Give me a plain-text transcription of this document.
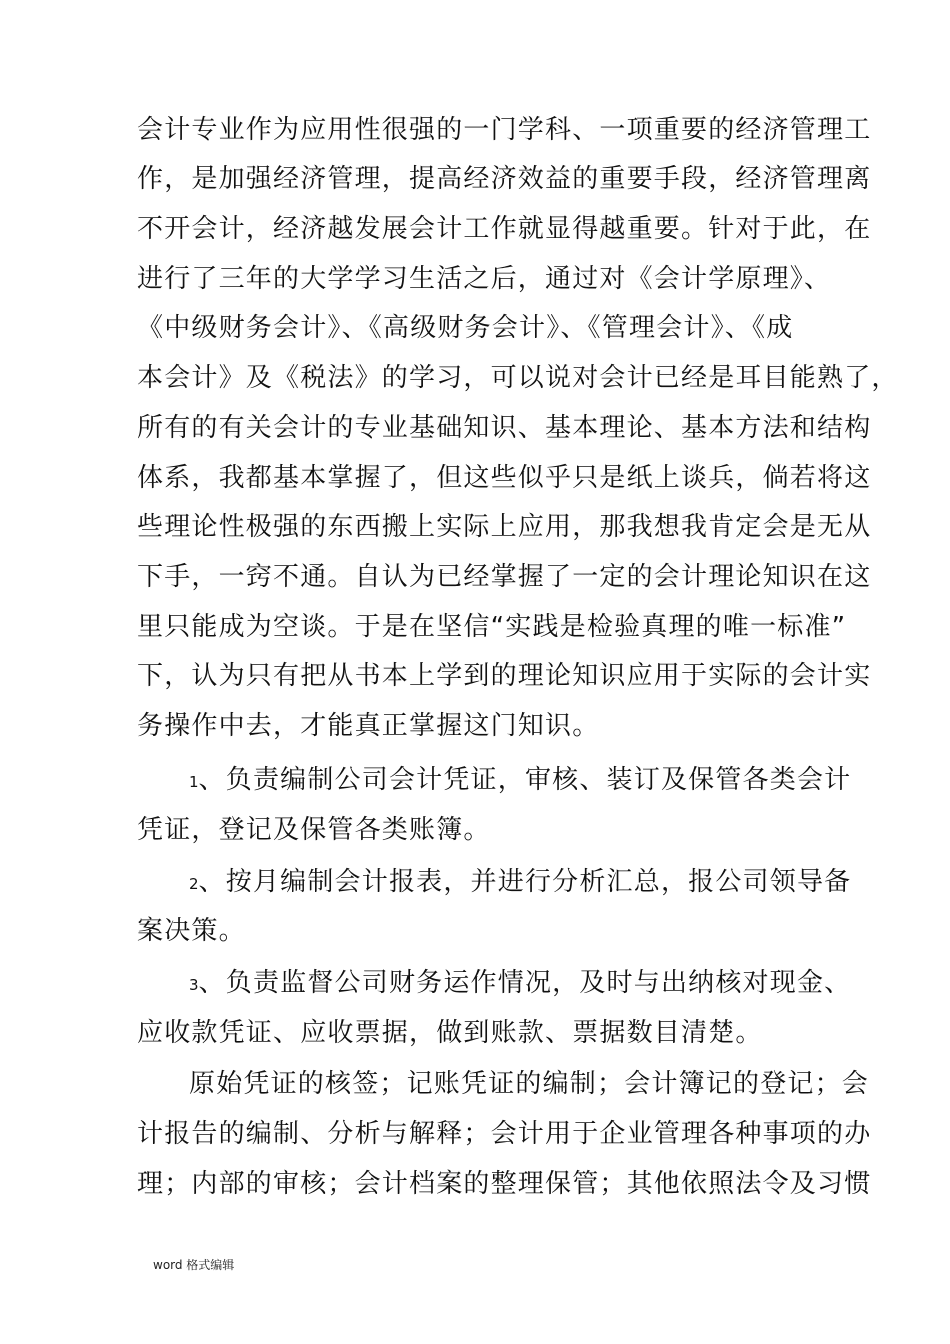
会计专业作为应用性很强的一门学科、一项重要的经济管理工
作，是加强经济管理，提高经济效益的重要手段，经济管理离
不开会计，经济越发展会计工作就显得越重要。针对于此，在
进行了三年的大学学习生活之后，通过对《会计学原理》、
《中级财务会计》、《高级财务会计》、《管理会计》、《成
本会计》及《税法》的学习，可以说对会计已经是耳目能熟了，
所有的有关会计的专业基础知识、基本理论、基本方法和结构
体系，我都基本掌握了，但这些似乎只是纸上谈兵，倘若将这
些理论性极强的东西搬上实际上应用，那我想我肯定会是无从
下手，一窍不通。自认为已经掌握了一定的会计理论知识在这
里只能成为空谈。于是在坚信“实践是检验真理的唯一标准”
下，认为只有把从书本上学到的理论知识应用于实际的会计实
务操作中去，才能真正掌握这门知识。
1、负责编制公司会计凭证，审核、装订及保管各类会计
凭证，登记及保管各类账簿。
2、按月编制会计报表，并进行分析汇总，报公司领导备
案决策。
3、负责监督公司财务运作情况，及时与出纳核对现金、
应收款凭证、应收票据，做到账款、票据数目清楚。
原始凭证的核签；记账凭证的编制；会计簿记的登记；会
计报告的编制、分析与解释；会计用于企业管理各种事项的办
理；内部的审核；会计档案的整理保管；其他依照法令及习惯
word 格式编辑
